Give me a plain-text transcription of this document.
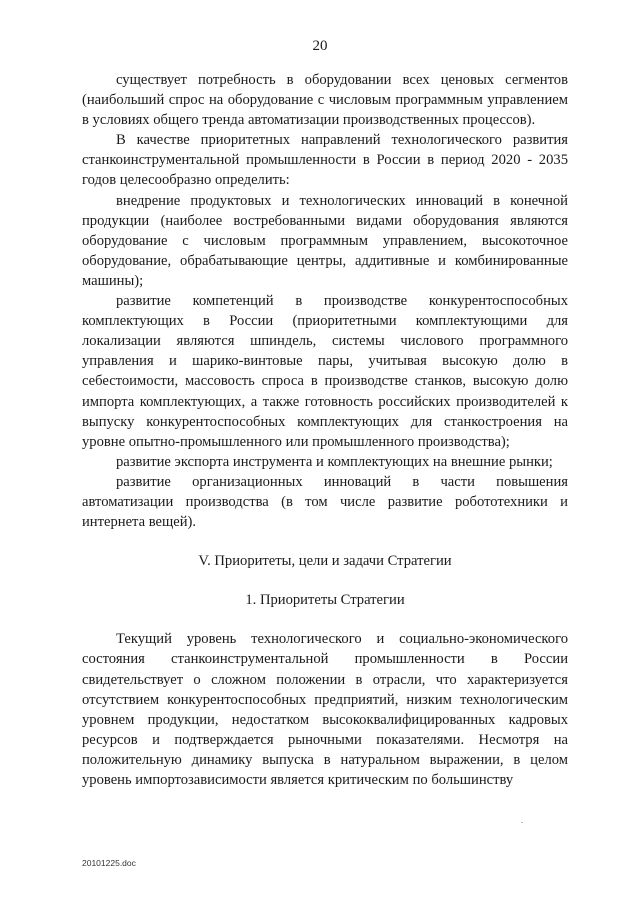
20

существует потребность в оборудовании всех ценовых сегментов (наибольший спрос на оборудование с числовым программным управлением в условиях общего тренда автоматизации производственных процессов).

В качестве приоритетных направлений технологического развития станкоинструментальной промышленности в России в период 2020 - 2035 годов целесообразно определить:

внедрение продуктовых и технологических инноваций в конечной продукции (наиболее востребованными видами оборудования являются оборудование с числовым программным управлением, высокоточное оборудование, обрабатывающие центры, аддитивные и комбинированные машины);

развитие компетенций в производстве конкурентоспособных комплектующих в России (приоритетными комплектующими для локализации являются шпиндель, системы числового программного управления и шарико-винтовые пары, учитывая высокую долю в себестоимости, массовость спроса в производстве станков, высокую долю импорта комплектующих, а также готовность российских производителей к выпуску конкурентоспособных комплектующих для станкостроения на уровне опытно-промышленного или промышленного производства);

развитие экспорта инструмента и комплектующих на внешние рынки;

развитие организационных инноваций в части повышения автоматизации производства (в том числе развитие робототехники и интернета вещей).

V. Приоритеты, цели и задачи Стратегии

1. Приоритеты Стратегии

Текущий уровень технологического и социально-экономического состояния станкоинструментальной промышленности в России свидетельствует о сложном положении в отрасли, что характеризуется отсутствием конкурентоспособных предприятий, низким технологическим уровнем продукции, недостатком высококвалифицированных кадровых ресурсов и подтверждается рыночными показателями. Несмотря на положительную динамику выпуска в натуральном выражении, в целом уровень импортозависимости является критическим по большинству

20101225.doc
